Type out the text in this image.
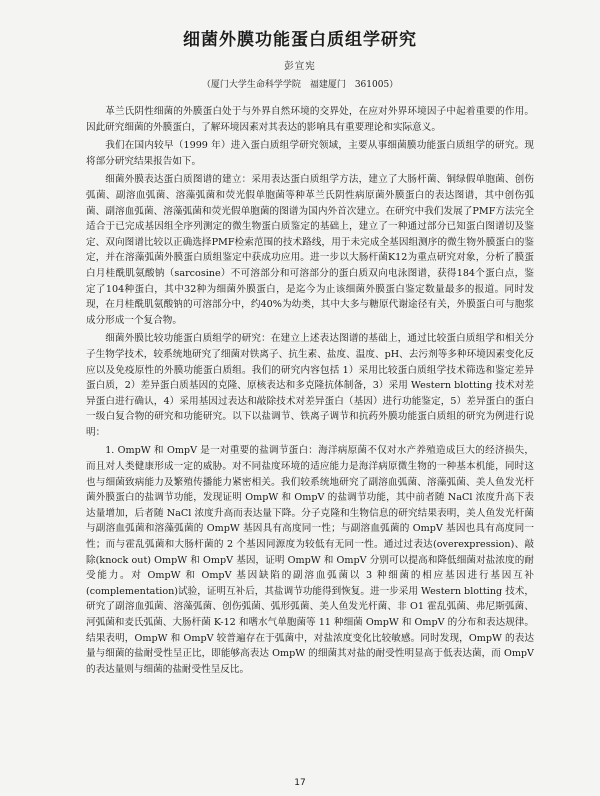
细菌外膜功能蛋白质组学研究
彭宣宪
（厦门大学生命科学学院　福建厦门　361005）

革兰氏阴性细菌的外膜蛋白处于与外界自然环境的交界处，在应对外界环境因子中起着重要的作用。因此研究细菌的外膜蛋白，了解环境因素对其表达的影响具有重要理论和实际意义。

我们在国内较早（1999 年）进入蛋白质组学研究领域，主要从事细菌膜功能蛋白质组学的研究。现将部分研究结果报告如下。

细菌外膜表达蛋白质图谱的建立：采用表达蛋白质组学方法，建立了大肠杆菌、铜绿假单胞菌、创伤弧菌、副溶血弧菌、溶藻弧菌和荧光假单胞菌等种革兰氏阴性病原菌外膜蛋白的表达图谱，其中创伤弧菌、副溶血弧菌、溶藻弧菌和荧光假单胞菌的图谱为国内外首次建立。在研究中我们发展了PMF方法完全适合于已完成基因组全序列测定的微生物蛋白质鉴定的基础上，建立了一种通过部分已知蛋白图谱切及鉴定、双向图谱比较以正确选择PMF检索范围的技术路线，用于未完成全基因组测序的微生物外膜蛋白的鉴定，并在溶藻弧菌外膜蛋白质组鉴定中获成功应用。进一步以大肠杆菌K12为重点研究对象，分析了膜蛋白月桂酰肌氨酸钠（sarcosine）不可溶部分和可溶部分的蛋白质双向电泳图谱，获得184个蛋白点，鉴定了104种蛋白，其中32种为细菌外膜蛋白，是迄今为止该细菌外膜蛋白鉴定数量最多的报道。同时发现，在月桂酰肌氨酸钠的可溶部分中，约40%为幼类，其中大多与糖原代谢途径有关，外膜蛋白可与胞浆成分形成一个复合物。

细菌外膜比较功能蛋白质组学的研究：在建立上述表达图谱的基础上，通过比较蛋白质组学和相关分子生物学技术，较系统地研究了细菌对铁离子、抗生素、盐度、温度、pH、去污剂等多种环境因素变化反应以及免疫原性的外膜功能蛋白质组。我们的研究内容包括 1）采用比较蛋白质组学技术筛选和鉴定差异蛋白质，2）差异蛋白质基因的克隆、原核表达和多克隆抗体制备，3）采用 Western blotting 技术对差异蛋白进行确认，4）采用基因过表达和敲除技术对差异蛋白（基因）进行功能鉴定，5）差异蛋白的蛋白一级白复合物的研究和功能研究。以下以盐调节、铁离子调节和抗药外膜功能蛋白质组的研究为例进行说明：

1. OmpW 和 OmpV 是一对重要的盐调节蛋白：海洋病原菌不仅对水产养殖造成巨大的经济损失，而且对人类健康形成一定的威胁。对不同盐度环境的适应能力是海洋病原微生物的一种基本机能，同时这也与细菌致病能力及繁殖传播能力紧密相关。我们较系统地研究了副溶血弧菌、溶藻弧菌、美人鱼发光杆菌外膜蛋白的盐调节功能，发现证明 OmpW 和 OmpV 的盐调节功能，其中前者随 NaCl 浓度升高下表达量增加，后者随 NaCl 浓度升高而表达量下降。分子克隆和生物信息的研究结果表明，美人鱼发光杆菌与副溶血弧菌和溶藻弧菌的 OmpW 基因具有高度同一性；与副溶血弧菌的 OmpV 基因也具有高度同一性；而与霍乱弧菌和大肠杆菌的 2 个基因同源度为较低有无同一性。通过过表达(overexpression)、敲除(knock out) OmpW 和 OmpV 基因，证明 OmpW 和 OmpV 分别可以提高和降低细菌对盐浓度的耐受能力。对 OmpW 和 OmpV 基因缺陷的副溶血弧菌以 3 种细菌的相应基因进行基因互补(complementation)试验，证明互补后，其盐调节功能得到恢复。进一步采用 Western blotting 技术，研究了副溶血弧菌、溶藻弧菌、创伤弧菌、弧形弧菌、美人鱼发光杆菌、非 O1 霍乱弧菌、弗尼斯弧菌、河弧菌和麦氏弧菌、大肠杆菌 K-12 和嗜水气单胞菌等 11 种细菌 OmpW 和 OmpV 的分布和表达规律。结果表明，OmpW 和 OmpV 较普遍存在于弧菌中，对盐浓度变化比较敏感。同时发现，OmpW 的表达量与细菌的盐耐受性呈正比，即能够高表达 OmpW 的细菌其对盐的耐受性明显高于低表达菌，而 OmpV 的表达量则与细菌的盐耐受性呈反比。

17
